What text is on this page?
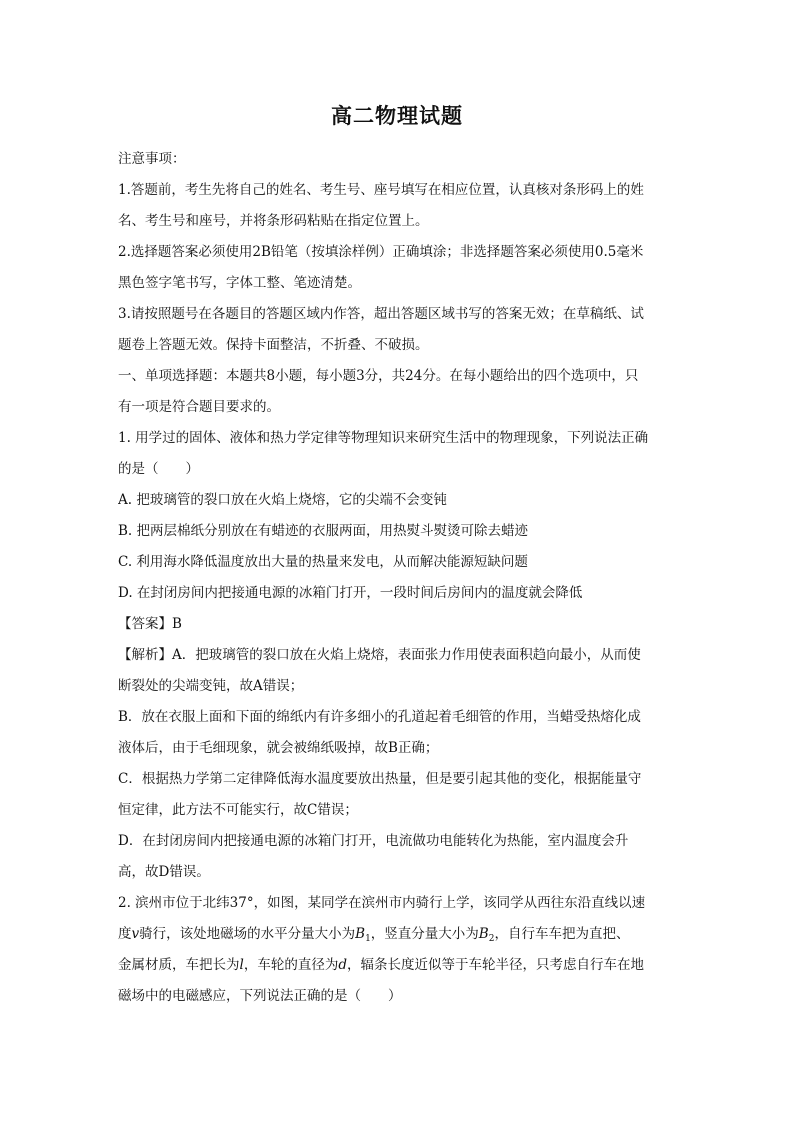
高二物理试题
注意事项：
1.答题前，考生先将自己的姓名、考生号、座号填写在相应位置，认真核对条形码上的姓
名、考生号和座号，并将条形码粘贴在指定位置上。
2.选择题答案必须使用2B铅笔（按填涂样例）正确填涂；非选择题答案必须使用0.5毫米
黑色签字笔书写，字体工整、笔迹清楚。
3.请按照题号在各题目的答题区域内作答，超出答题区域书写的答案无效；在草稿纸、试
题卷上答题无效。保持卡面整洁，不折叠、不破损。
一、单项选择题：本题共8小题，每小题3分，共24分。在每小题给出的四个选项中，只
有一项是符合题目要求的。
1. 用学过的固体、液体和热力学定律等物理知识来研究生活中的物理现象，下列说法正确
的是（　　）
A. 把玻璃管的裂口放在火焰上烧熔，它的尖端不会变钝
B. 把两层棉纸分别放在有蜡迹的衣服两面，用热熨斗熨烫可除去蜡迹
C. 利用海水降低温度放出大量的热量来发电，从而解决能源短缺问题
D. 在封闭房间内把接通电源的冰箱门打开，一段时间后房间内的温度就会降低
【答案】B
【解析】A．把玻璃管的裂口放在火焰上烧熔，表面张力作用使表面积趋向最小，从而使
断裂处的尖端变钝，故A错误；
B．放在衣服上面和下面的绵纸内有许多细小的孔道起着毛细管的作用，当蜡受热熔化成
液体后，由于毛细现象，就会被绵纸吸掉，故B正确；
C．根据热力学第二定律降低海水温度要放出热量，但是要引起其他的变化，根据能量守
恒定律，此方法不可能实行，故C错误；
D．在封闭房间内把接通电源的冰箱门打开，电流做功电能转化为热能，室内温度会升
高，故D错误。
2. 滨州市位于北纬37°，如图，某同学在滨州市内骑行上学，该同学从西往东沿直线以速
度v骑行，该处地磁场的水平分量大小为$B_1$，竖直分量大小为$B_2$，自行车车把为直把、
金属材质，车把长为l，车轮的直径为d，辐条长度近似等于车轮半径，只考虑自行车在地
磁场中的电磁感应，下列说法正确的是（　　）
